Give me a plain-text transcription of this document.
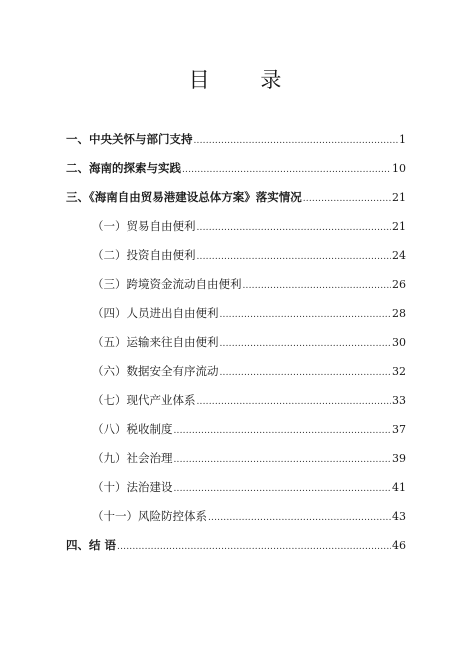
目 录
一、中央关怀与部门支持 .....	1
二、海南的探索与实践 .....	10
三、《海南自由贸易港建设总体方案》落实情况 .....	21
（一）贸易自由便利 .....	21
（二）投资自由便利 .....	24
（三）跨境资金流动自由便利 .....	26
（四）人员进出自由便利 .....	28
（五）运输来往自由便利 .....	30
（六）数据安全有序流动 .....	32
（七）现代产业体系 .....	33
（八）税收制度 .....	37
（九）社会治理 .....	39
（十）法治建设 .....	41
（十一）风险防控体系 .....	43
四、结 语 .....	46
